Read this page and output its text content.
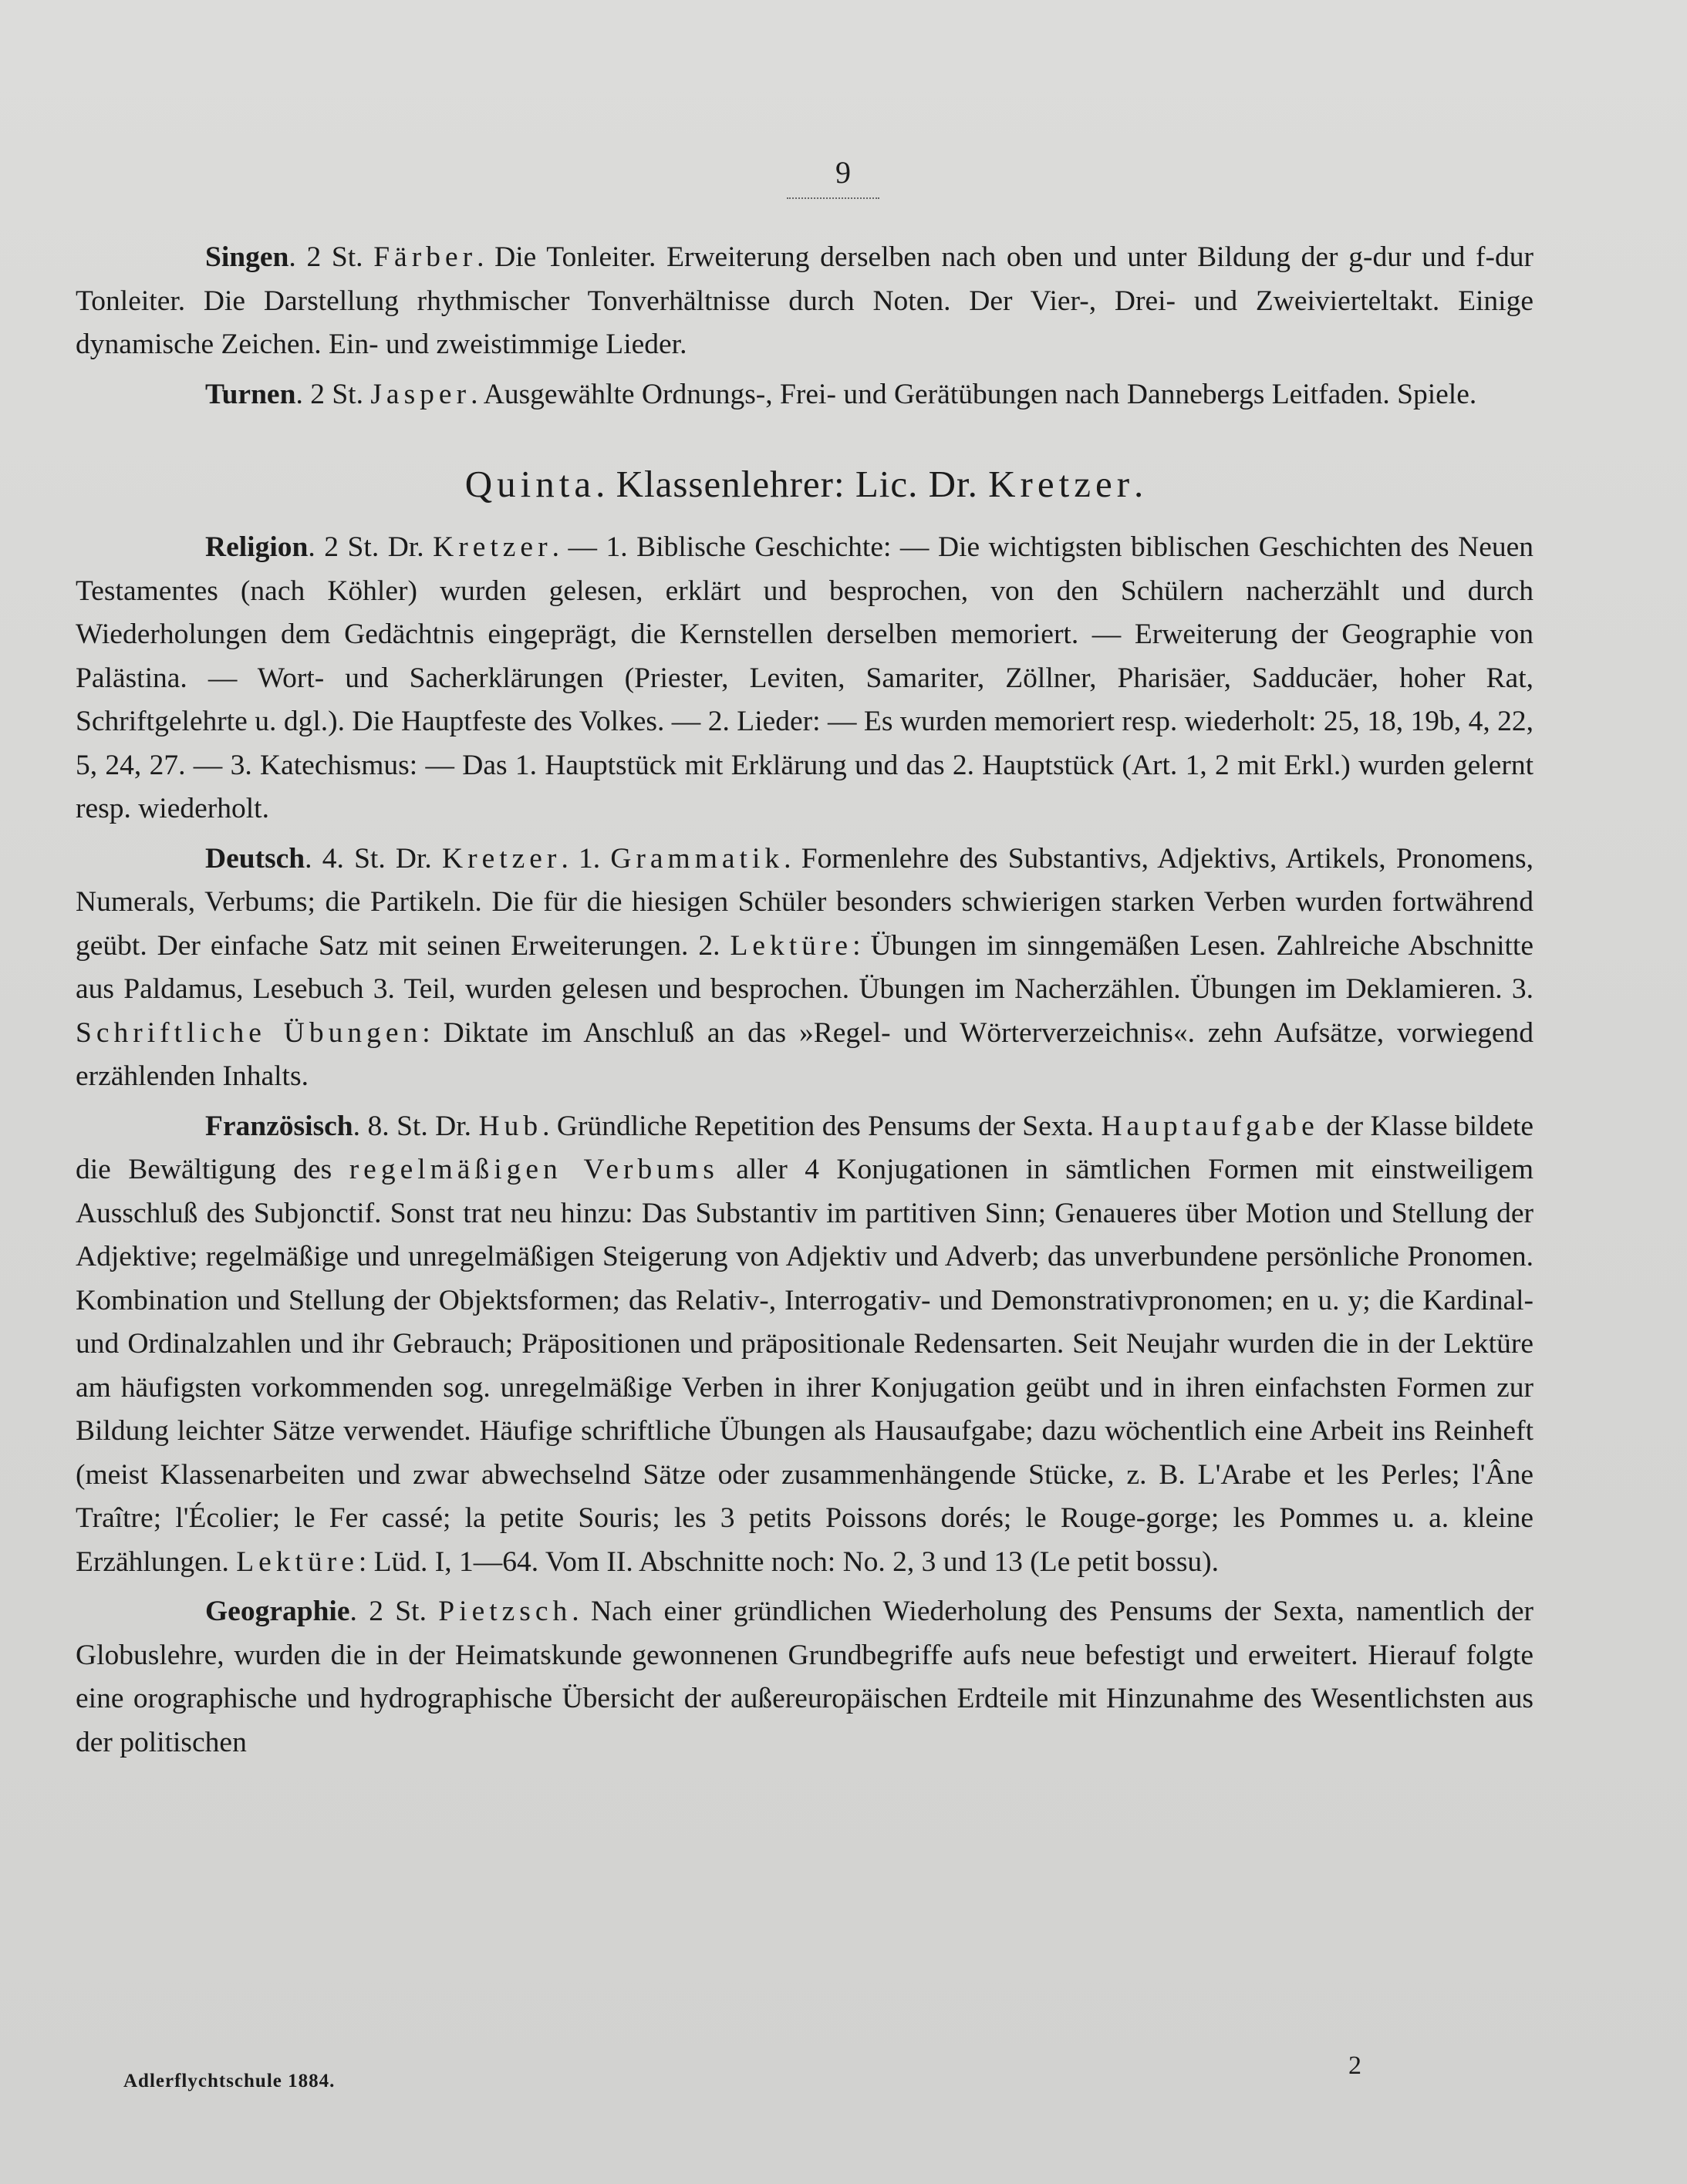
9

Singen. 2 St. Färber. Die Tonleiter. Erweiterung derselben nach oben und unter Bildung der g-dur und f-dur Tonleiter. Die Darstellung rhythmischer Tonverhältnisse durch Noten. Der Vier-, Drei- und Zweivierteltakt. Einige dynamische Zeichen. Ein- und zweistimmige Lieder.

Turnen. 2 St. Jasper. Ausgewählte Ordnungs-, Frei- und Gerätübungen nach Dannebergs Leitfaden. Spiele.

Quinta. Klassenlehrer: Lic. Dr. Kretzer.

Religion. 2 St. Dr. Kretzer. — 1. Biblische Geschichte: — Die wichtigsten biblischen Geschichten des Neuen Testamentes (nach Köhler) wurden gelesen, erklärt und besprochen, von den Schülern nacherzählt und durch Wiederholungen dem Gedächtnis eingeprägt, die Kernstellen derselben memoriert. — Erweiterung der Geographie von Palästina. — Wort- und Sacherklärungen (Priester, Leviten, Samariter, Zöllner, Pharisäer, Sadducäer, hoher Rat, Schriftgelehrte u. dgl.). Die Hauptfeste des Volkes. — 2. Lieder: — Es wurden memoriert resp. wiederholt: 25, 18, 19b, 4, 22, 5, 24, 27. — 3. Katechismus: — Das 1. Hauptstück mit Erklärung und das 2. Hauptstück (Art. 1, 2 mit Erkl.) wurden gelernt resp. wiederholt.

Deutsch. 4. St. Dr. Kretzer. 1. Grammatik. Formenlehre des Substantivs, Adjektivs, Artikels, Pronomens, Numerals, Verbums; die Partikeln. Die für die hiesigen Schüler besonders schwierigen starken Verben wurden fortwährend geübt. Der einfache Satz mit seinen Erweiterungen. 2. Lektüre: Übungen im sinngemäßen Lesen. Zahlreiche Abschnitte aus Paldamus, Lesebuch 3. Teil, wurden gelesen und besprochen. Übungen im Nacherzählen. Übungen im Deklamieren. 3. Schriftliche Übungen: Diktate im Anschluß an das »Regel- und Wörterverzeichnis«. zehn Aufsätze, vorwiegend erzählenden Inhalts.

Französisch. 8. St. Dr. Hub. Gründliche Repetition des Pensums der Sexta. Hauptaufgabe der Klasse bildete die Bewältigung des regelmäßigen Verbums aller 4 Konjugationen in sämtlichen Formen mit einstweiligem Ausschluß des Subjonctif. Sonst trat neu hinzu: Das Substantiv im partitiven Sinn; Genaueres über Motion und Stellung der Adjektive; regelmäßige und unregelmäßigen Steigerung von Adjektiv und Adverb; das unverbundene persönliche Pronomen. Kombination und Stellung der Objektsformen; das Relativ-, Interrogativ- und Demonstrativpronomen; en u. y; die Kardinal- und Ordinalzahlen und ihr Gebrauch; Präpositionen und präpositionale Redensarten. Seit Neujahr wurden die in der Lektüre am häufigsten vorkommenden sog. unregelmäßige Verben in ihrer Konjugation geübt und in ihren einfachsten Formen zur Bildung leichter Sätze verwendet. Häufige schriftliche Übungen als Hausaufgabe; dazu wöchentlich eine Arbeit ins Reinheft (meist Klassenarbeiten und zwar abwechselnd Sätze oder zusammenhängende Stücke, z. B. L'Arabe et les Perles; l'Âne Traître; l'Écolier; le Fer cassé; la petite Souris; les 3 petits Poissons dorés; le Rouge-gorge; les Pommes u. a. kleine Erzählungen. Lektüre: Lüd. I, 1—64. Vom II. Abschnitte noch: No. 2, 3 und 13 (Le petit bossu).

Geographie. 2 St. Pietzsch. Nach einer gründlichen Wiederholung des Pensums der Sexta, namentlich der Globuslehre, wurden die in der Heimatskunde gewonnenen Grundbegriffe aufs neue befestigt und erweitert. Hierauf folgte eine orographische und hydrographische Übersicht der außereuropäischen Erdteile mit Hinzunahme des Wesentlichsten aus der politischen

Adlerflychtschule 1884.
2
